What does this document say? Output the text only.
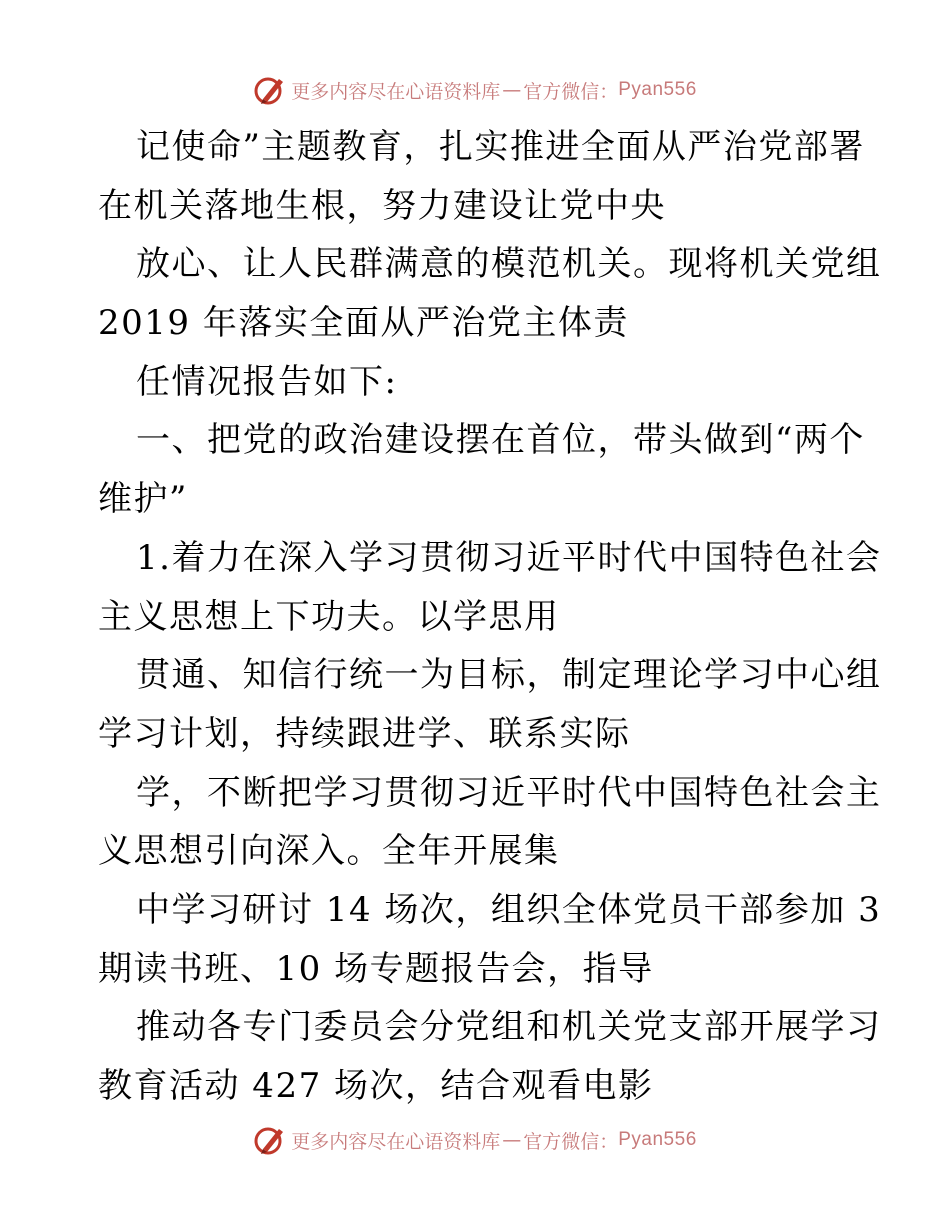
更多内容尽在心语资料库 — 官方微信： Pyan556
记使命”主题教育，扎实推进全面从严治党部署
在机关落地生根，努力建设让党中央
放心、让人民群满意的模范机关。现将机关党组
2019 年落实全面从严治党主体责
任情况报告如下:
一、把党的政治建设摆在首位，带头做到“两个
维护”
1.着力在深入学习贯彻习近平时代中国特色社会
主义思想上下功夫。以学思用
贯通、知信行统一为目标，制定理论学习中心组
学习计划，持续跟进学、联系实际
学，不断把学习贯彻习近平时代中国特色社会主
义思想引向深入。全年开展集
中学习研讨 14 场次，组织全体党员干部参加 3
期读书班、10 场专题报告会，指导
推动各专门委员会分党组和机关党支部开展学习
教育活动 427 场次，结合观看电影
更多内容尽在心语资料库 — 官方微信： Pyan556
